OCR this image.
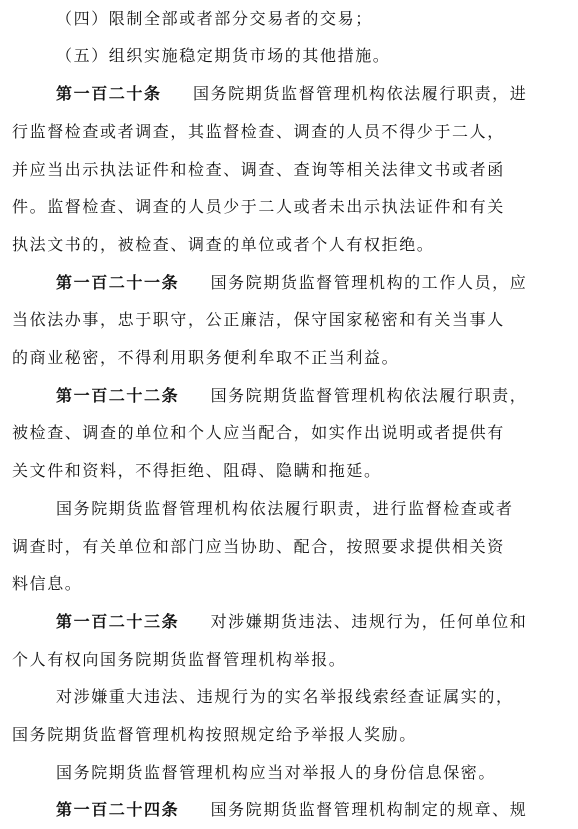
（四）限制全部或者部分交易者的交易；
（五）组织实施稳定期货市场的其他措施。
第一百二十条 国务院期货监督管理机构依法履行职责，进
行监督检查或者调查，其监督检查、调查的人员不得少于二人，
并应当出示执法证件和检查、调查、查询等相关法律文书或者函
件。监督检查、调查的人员少于二人或者未出示执法证件和有关
执法文书的，被检查、调查的单位或者个人有权拒绝。
第一百二十一条 国务院期货监督管理机构的工作人员，应
当依法办事，忠于职守，公正廉洁，保守国家秘密和有关当事人
的商业秘密，不得利用职务便利牟取不正当利益。
第一百二十二条 国务院期货监督管理机构依法履行职责，
被检查、调查的单位和个人应当配合，如实作出说明或者提供有
关文件和资料，不得拒绝、阻碍、隐瞒和拖延。
国务院期货监督管理机构依法履行职责，进行监督检查或者
调查时，有关单位和部门应当协助、配合，按照要求提供相关资
料信息。
第一百二十三条 对涉嫌期货违法、违规行为，任何单位和
个人有权向国务院期货监督管理机构举报。
对涉嫌重大违法、违规行为的实名举报线索经查证属实的，
国务院期货监督管理机构按照规定给予举报人奖励。
国务院期货监督管理机构应当对举报人的身份信息保密。
第一百二十四条 国务院期货监督管理机构制定的规章、规
